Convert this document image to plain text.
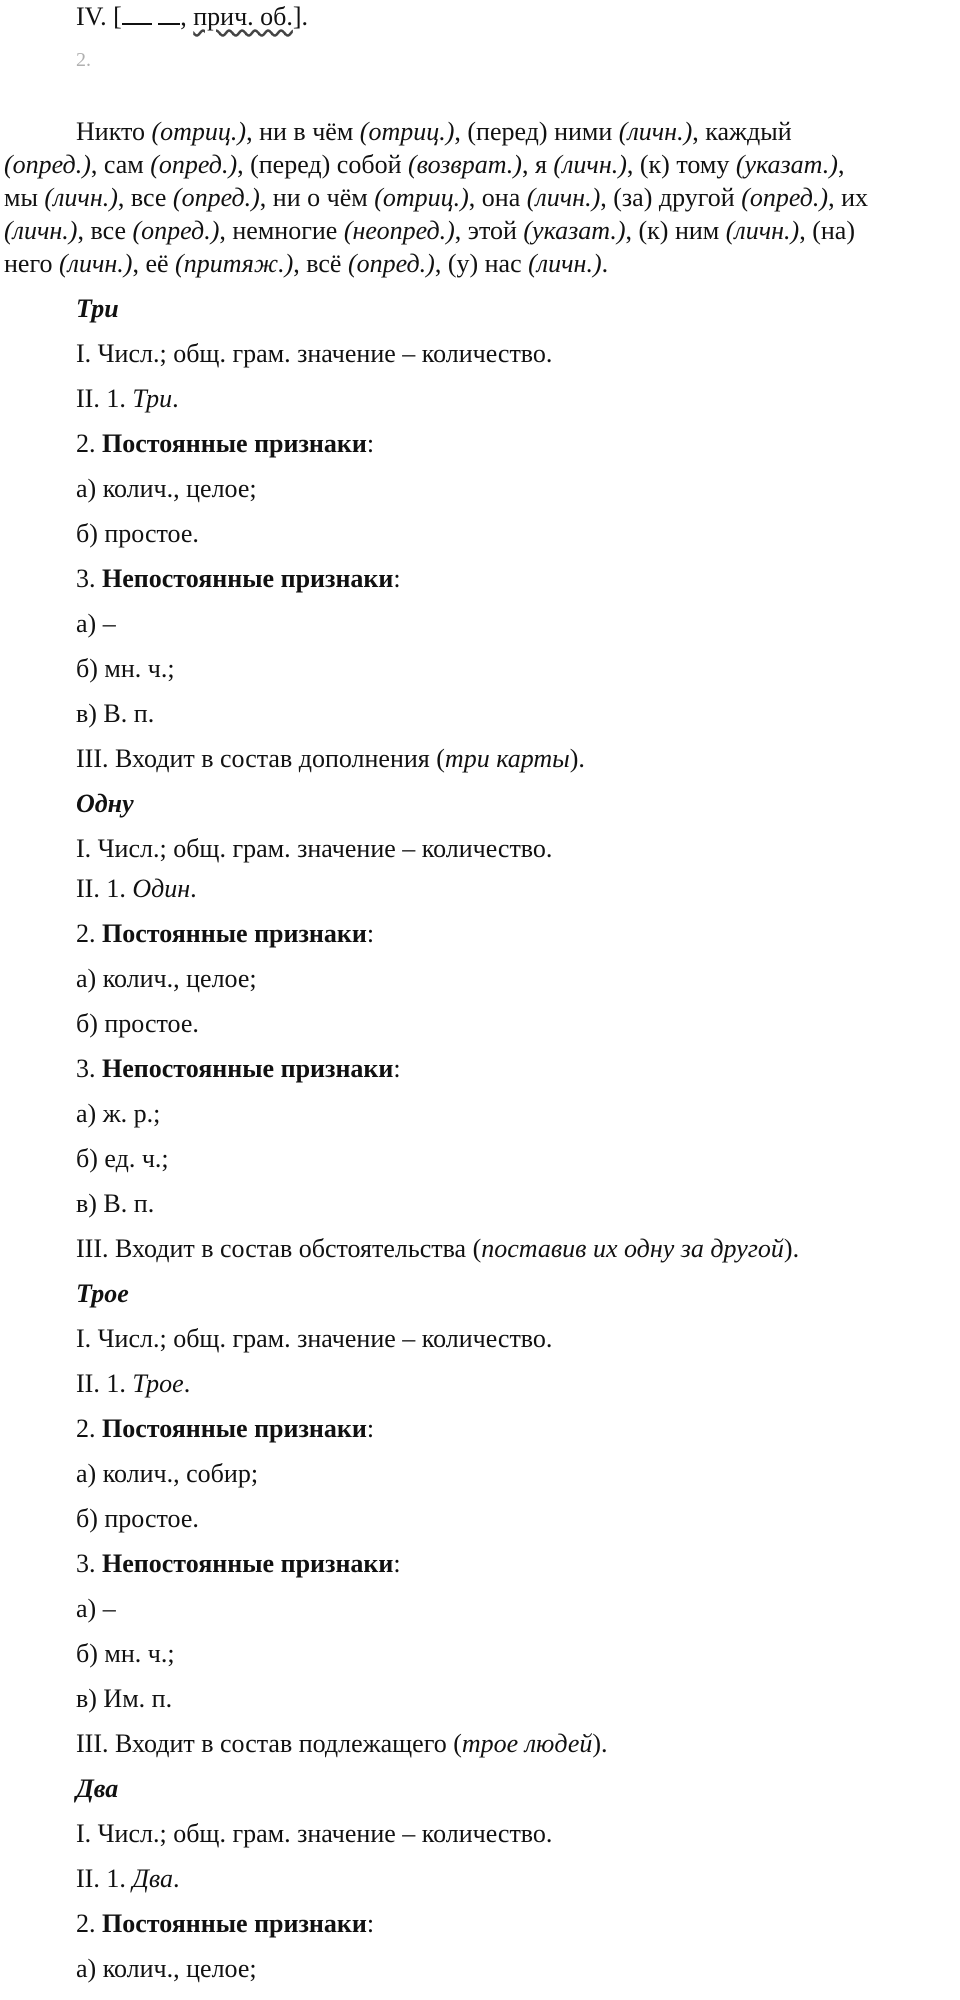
IV. [ , прич. об.].
2.
Никто (отриц.), ни в чём (отриц.), (перед) ними (личн.), каждый
(опред.), сам (опред.), (перед) собой (возврат.), я (личн.), (к) тому (указат.),
мы (личн.), все (опред.), ни о чём (отриц.), она (личн.), (за) другой (опред.), их
(личн.), все (опред.), немногие (неопред.), этой (указат.), (к) ним (личн.), (на)
него (личн.), её (притяж.), всё (опред.), (у) нас (личн.).
Три
I. Числ.; общ. грам. значение – количество.
II. 1. Три.
2. Постоянные признаки:
а) колич., целое;
б) простое.
3. Непостоянные признаки:
а) –
б) мн. ч.;
в) В. п.
III. Входит в состав дополнения (три карты).
Одну
I. Числ.; общ. грам. значение – количество.
II. 1. Один.
2. Постоянные признаки:
а) колич., целое;
б) простое.
3. Непостоянные признаки:
а) ж. р.;
б) ед. ч.;
в) В. п.
III. Входит в состав обстоятельства (поставив их одну за другой).
Трое
I. Числ.; общ. грам. значение – количество.
II. 1. Трое.
2. Постоянные признаки:
а) колич., собир;
б) простое.
3. Непостоянные признаки:
а) –
б) мн. ч.;
в) Им. п.
III. Входит в состав подлежащего (трое людей).
Два
I. Числ.; общ. грам. значение – количество.
II. 1. Два.
2. Постоянные признаки:
а) колич., целое;
